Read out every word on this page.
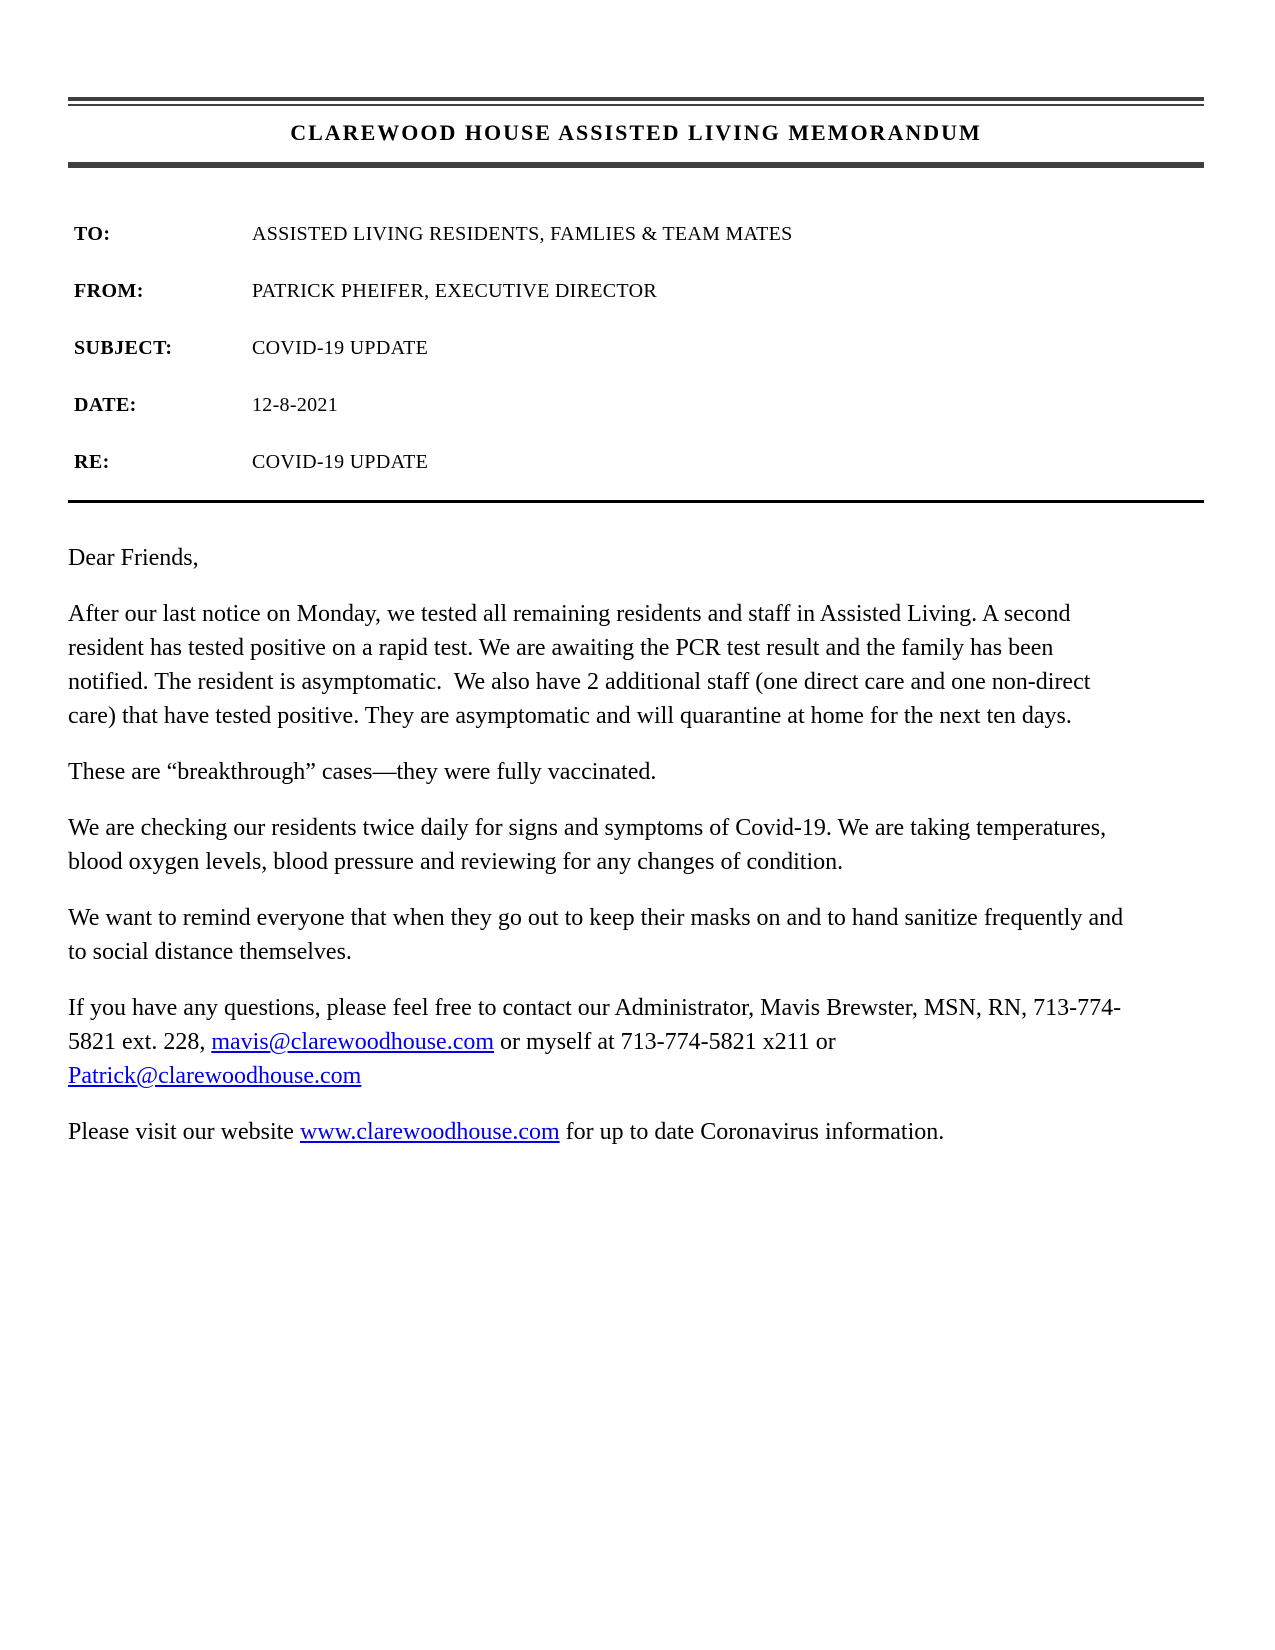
CLAREWOOD HOUSE ASSISTED LIVING MEMORANDUM
TO:	ASSISTED LIVING RESIDENTS, FAMLIES & TEAM MATES
FROM:	PATRICK PHEIFER, EXECUTIVE DIRECTOR
SUBJECT:	COVID-19 UPDATE
DATE:	12-8-2021
RE:	COVID-19 UPDATE

Dear Friends,

After our last notice on Monday, we tested all remaining residents and staff in Assisted Living. A second resident has tested positive on a rapid test. We are awaiting the PCR test result and the family has been notified. The resident is asymptomatic.  We also have 2 additional staff (one direct care and one non-direct care) that have tested positive. They are asymptomatic and will quarantine at home for the next ten days.

These are “breakthrough” cases—they were fully vaccinated.

We are checking our residents twice daily for signs and symptoms of Covid-19. We are taking temperatures, blood oxygen levels, blood pressure and reviewing for any changes of condition.

We want to remind everyone that when they go out to keep their masks on and to hand sanitize frequently and to social distance themselves.

If you have any questions, please feel free to contact our Administrator, Mavis Brewster, MSN, RN, 713-774-5821 ext. 228, mavis@clarewoodhouse.com or myself at 713-774-5821 x211 or Patrick@clarewoodhouse.com

Please visit our website www.clarewoodhouse.com for up to date Coronavirus information.
